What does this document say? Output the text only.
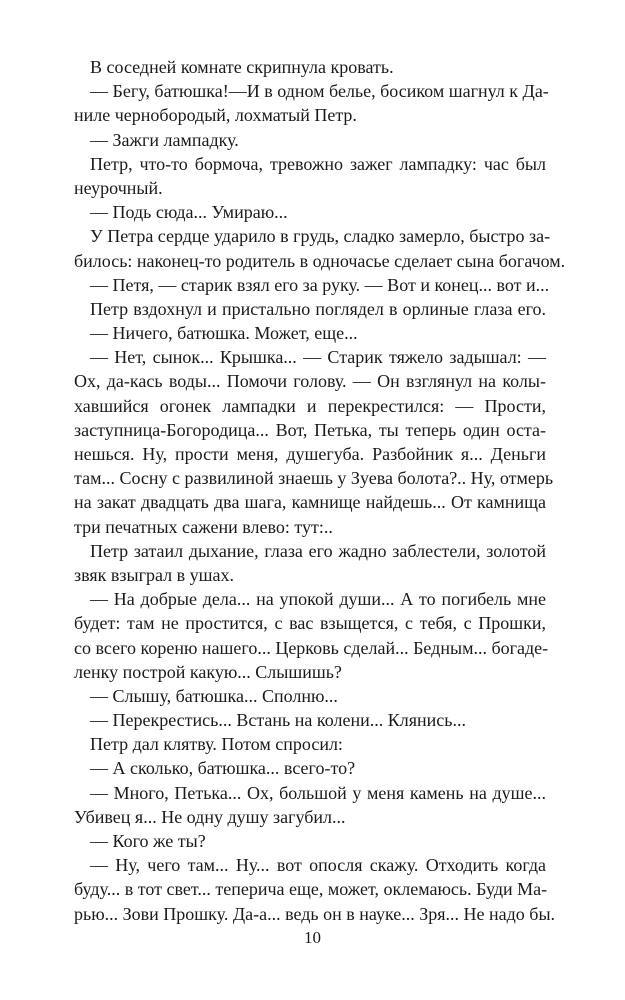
В соседней комнате скрипнула кровать.
— Бегу, батюшка!—И в одном белье, босиком шагнул к Да-
ниле чернобородый, лохматый Петр.
— Зажги лампадку.
Петр, что-то бормоча, тревожно зажег лампадку: час был
неурочный.
— Подь сюда... Умираю...
У Петра сердце ударило в грудь, сладко замерло, быстро за-
билось: наконец-то родитель в одночасье сделает сына богачом.
— Петя, — старик взял его за руку. — Вот и конец... вот и...
Петр вздохнул и пристально поглядел в орлиные глаза его.
— Ничего, батюшка. Может, еще...
— Нет, сынок... Крышка... — Старик тяжело задышал: —
Ох, да-кась воды... Помочи голову. — Он взглянул на колы-
хавшийся огонек лампадки и перекрестился: — Прости,
заступница-Богородица... Вот, Петька, ты теперь один оста-
нешься. Ну, прости меня, душегуба. Разбойник я... Деньги
там... Сосну с развилиной знаешь у Зуева болота?.. Ну, отмерь
на закат двадцать два шага, камнище найдешь... От камнища
три печатных сажени влево: тут:..
Петр затаил дыхание, глаза его жадно заблестели, золотой
звяк взыграл в ушах.
— На добрые дела... на упокой души... А то погибель мне
будет: там не простится, с вас взыщется, с тебя, с Прошки,
со всего кореню нашего... Церковь сделай... Бедным... богаде-
ленку построй какую... Слышишь?
— Слышу, батюшка... Сполню...
— Перекрестись... Встань на колени... Клянись...
Петр дал клятву. Потом спросил:
— А сколько, батюшка... всего-то?
— Много, Петька... Ох, большой у меня камень на душе...
Убивец я... Не одну душу загубил...
— Кого же ты?
— Ну, чего там... Ну... вот опосля скажу. Отходить когда
буду... в тот свет... теперича еще, может, оклемаюсь. Буди Ма-
рью... Зови Прошку. Да-а... ведь он в науке... Зря... Не надо бы.
10
